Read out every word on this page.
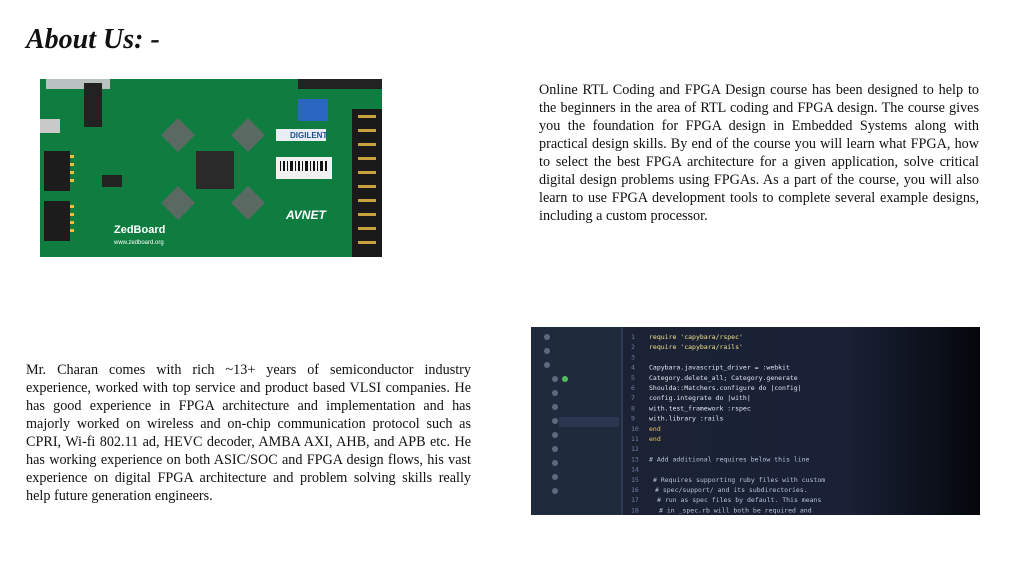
About Us: -
DIGILENT
AVNET
ZedBoard
www.zedboard.org

Online RTL Coding and FPGA Design course has been designed to help to the beginners in the area of RTL coding and FPGA design. The course gives you the foundation for FPGA design in Embedded Systems along with practical design skills. By end of the course you will learn what FPGA, how to select the best FPGA architecture for a given application, solve critical digital design problems using FPGAs. As a part of the course, you will also learn to use FPGA development tools to complete several example designs, including a custom processor.

Mr. Charan comes with rich ~13+ years of semiconductor industry experience, worked with top service and product based VLSI companies. He has good experience in FPGA architecture and implementation and has majorly worked on wireless and on-chip communication protocol such as CPRI, Wi-fi 802.11 ad, HEVC decoder, AMBA AXI, AHB, and APB etc. He has working experience on both ASIC/SOC and FPGA design flows, his vast experience on digital FPGA architecture and problem solving skills really help future generation engineers.

1 require 'capybara/rspec'
2 require 'capybara/rails'
3
4 Capybara.javascript_driver = :webkit
5 Category.delete_all; Category.generate
6 Shoulda::Matchers.configure do |config|
7 config.integrate do |with|
8 with.test_framework :rspec
9 with.library :rails
10 end
11 end
12
13 # Add additional requires below this line
14
15 # Requires supporting ruby files with custom
16 # spec/support/ and its subdirectories.
17	# run as spec files by default. This means
18	# in _spec.rb will both be required and
